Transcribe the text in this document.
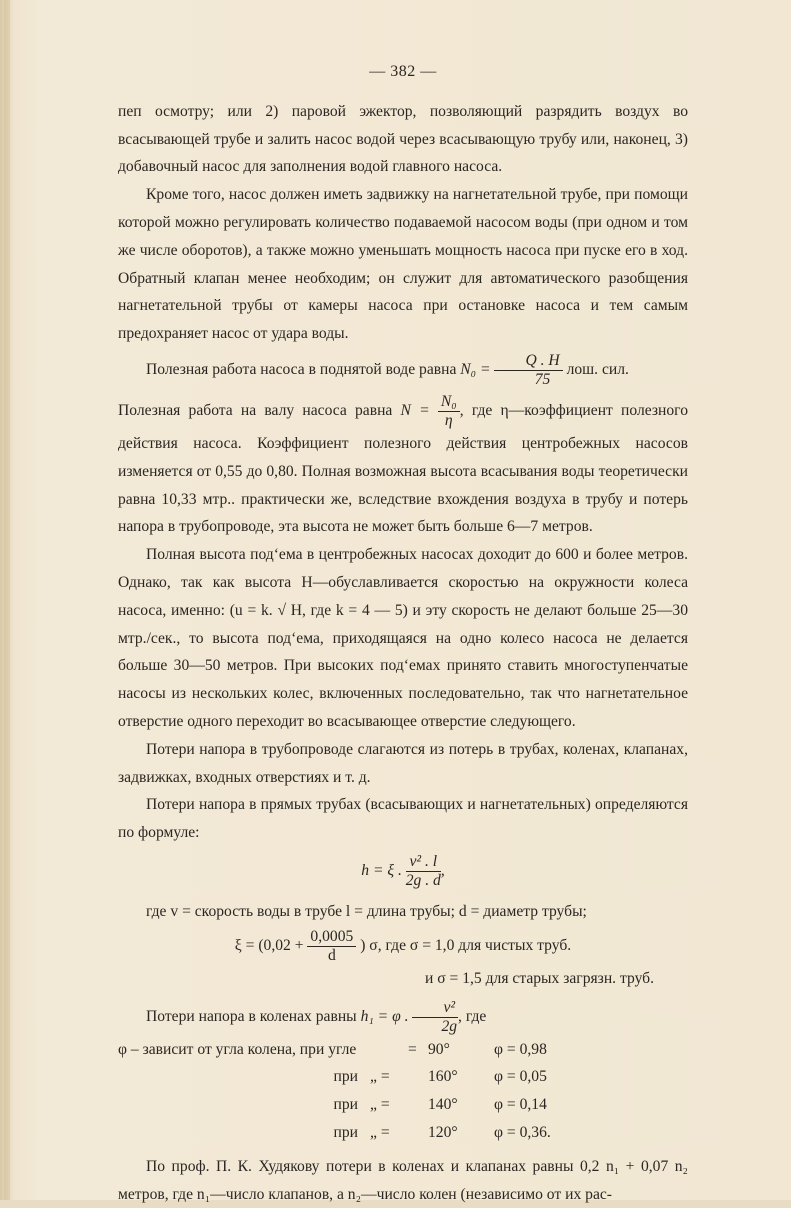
— 382 —

пеп осмотру; или 2) паровой эжектор, позволяющий разрядить воздух во всасывающей трубе и залить насос водой через всасывающую трубу или, наконец, 3) добавочный насос для заполнения водой главного насоса.

Кроме того, насос должен иметь задвижку на нагнетательной трубе, при помощи которой можно регулировать количество подаваемой насосом воды (при одном и том же числе оборотов), а также можно уменьшать мощность насоса при пуске его в ход. Обратный клапан менее необходим; он служит для автоматического разобщения нагнетательной трубы от камеры насоса при остановке насоса и тем самым предохраняет насос от удара воды.

Полезная работа насоса в поднятой воде равна $N_0 = \frac{Q . H}{75}$ лош. сил.

Полезная работа на валу насоса равна $N = \frac{\text{N₀}}{\eta}$ , где η—коэффициент полезного действия насоса. Коэффициент полезного действия центробежных насосов изменяется от 0,55 до 0,80. Полная возможная высота всасывания воды теоретически равна 10,33 мтр.. практически же, вследствие вхождения воздуха в трубу и потерь напора в трубопроводе, эта высота не может быть больше 6—7 метров.

Полная высота под‘ема в центробежных насосах доходит до 600 и более метров. Однако, так как высота H—обуславливается скоростью на окружности колеса насоса, именно: (u = k. √ H, где k = 4 — 5) и эту скорость не делают больше 25—30 мтр./сек., то высота под‘ема, приходящаяся на одно колесо насоса не делается больше 30—50 метров. При высоких под‘емах принято ставить многоступенчатые насосы из нескольких колес, включенных последовательно, так что нагнетательное отверстие одного переходит во всасывающее отверстие следующего.

Потери напора в трубопроводе слагаются из потерь в трубах, коленах, клапанах, задвижках, входных отверстиях и т. д.

Потери напора в прямых трубах (всасывающих и нагнетательных) определяются по формуле:

h = ξ . $\frac{\text{v² . l}}{2g . d}$ ,

где v = скорость воды в трубе l = длина трубы; d = диаметр трубы;

$\xi = (0,02 + \frac{0,0005}{d}$ ) σ, где σ = 1,0 для чистых труб.

и σ = 1,5 для старых загрязн. труб.

Потери напора в коленах равны h₁ = φ . $\frac{\text{v²}}{2g}$ , где

φ – зависит от угла колена, при угле	= 90°	φ = 0,98
при „ =	160°	φ = 0,05
при „ =	140°	φ = 0,14
при „ =	120°	φ = 0,36.

По проф. П. К. Худякову потери в коленах и клапанах равны 0,2 n₁ + 0,07 n₂ метров, где n₁—число клапанов, а n₂—число колен (независимо от их рас-
